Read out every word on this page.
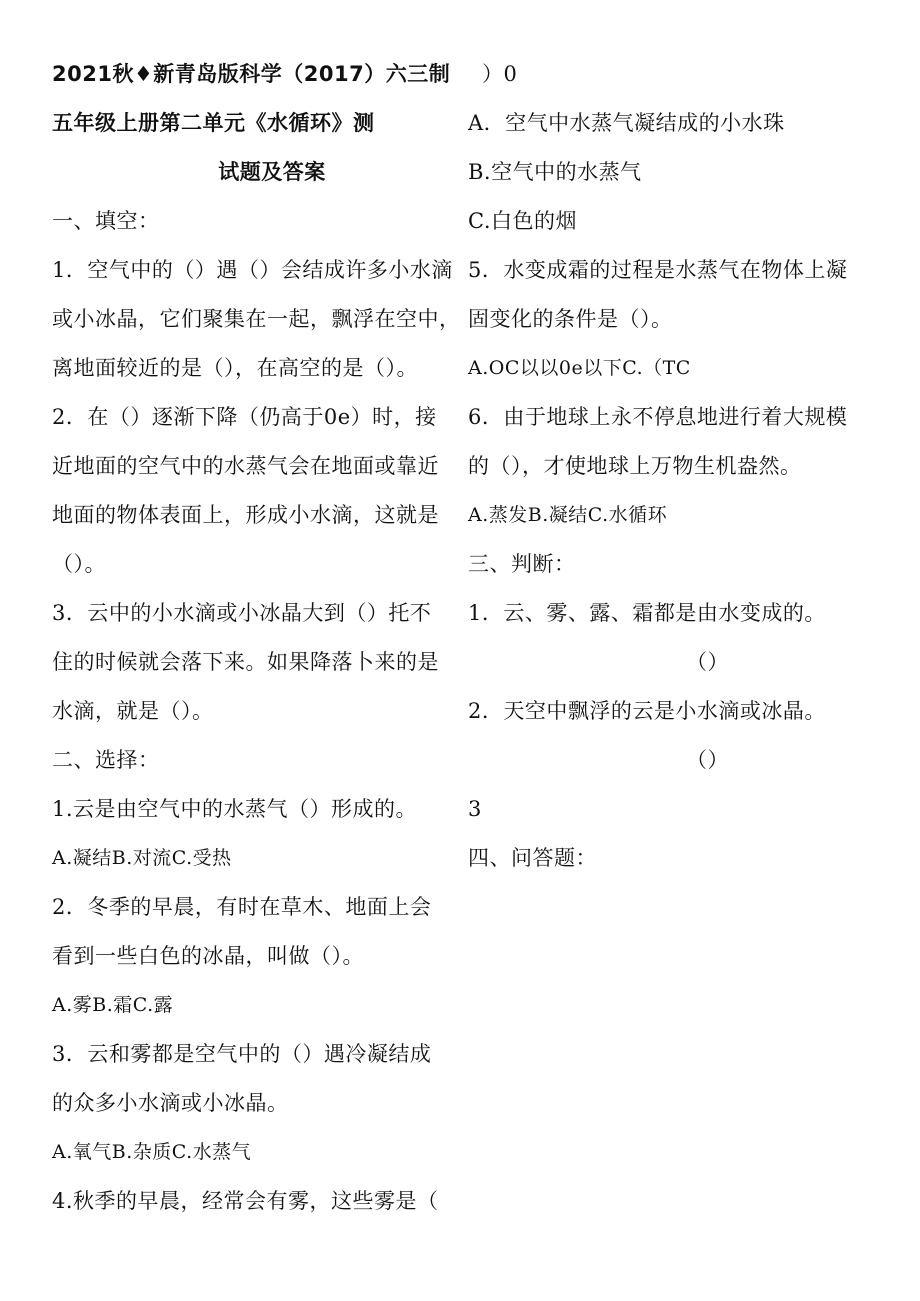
2021秋♦新青岛版科学（2017）六三制
五年级上册第二单元《水循环》测
试题及答案
一、填空：
1．空气中的（）遇（）会结成许多小水滴
或小冰晶，它们聚集在一起，飘浮在空中，
离地面较近的是（），在高空的是（）。
2．在（）逐渐下降（仍高于0e）时，接
近地面的空气中的水蒸气会在地面或靠近
地面的物体表面上，形成小水滴，这就是
（）。
3．云中的小水滴或小冰晶大到（）托不
住的时候就会落下来。如果降落卜来的是
水滴，就是（）。
二、选择：
1.云是由空气中的水蒸气（）形成的。
A.凝结B.对流C.受热
2．冬季的早晨，有时在草木、地面上会
看到一些白色的冰晶，叫做（）。
A.雾B.霜C.露
3．云和雾都是空气中的（）遇冷凝结成
的众多小水滴或小冰晶。
A.氧气B.杂质C.水蒸气
4.秋季的早晨，经常会有雾，这些雾是（
）0
A．空气中水蒸气凝结成的小水珠
B.空气中的水蒸气
C.白色的烟
5．水变成霜的过程是水蒸气在物体上凝
固变化的条件是（）。
A.OC以以0e以下C.（TC
6．由于地球上永不停息地进行着大规模
的（），才使地球上万物生机盎然。
A.蒸发B.凝结C.水循环
三、判断：
1．云、雾、露、霜都是由水变成的。
（）
2．天空中飘浮的云是小水滴或冰晶。
（）
3
四、问答题：
